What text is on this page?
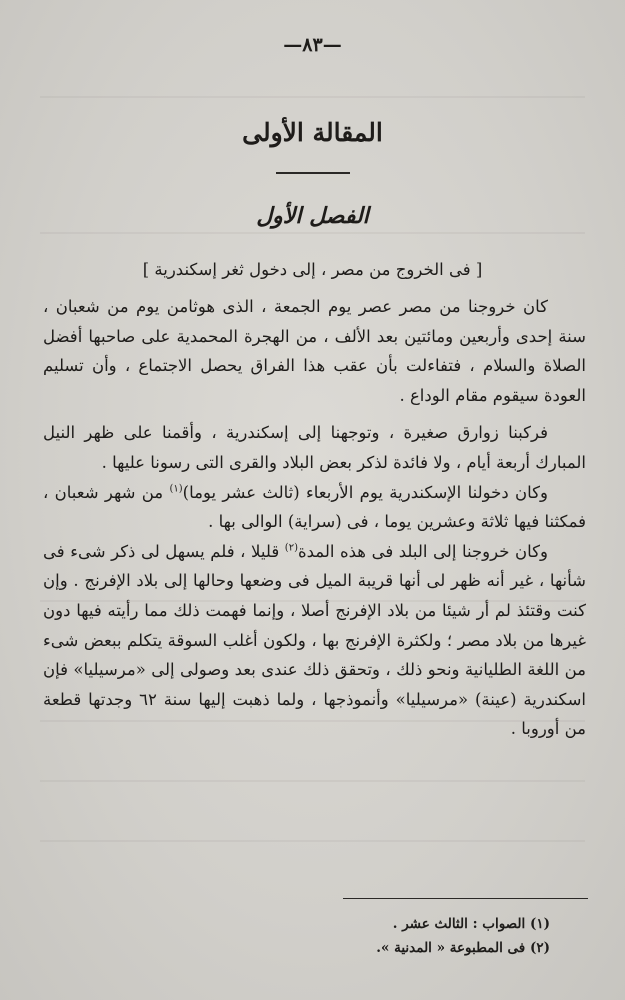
—٨٣—
المقالة الأولى
الفصل الأول
[ فى الخروج من مصر ، إلى دخول ثغر إسكندرية ]

كان خروجنا من مصر عصر يوم الجمعة ، الذى هوثامن يوم من شعبان ، سنة إحدى وأربعين ومائتين بعد الألف ، من الهجرة المحمدية على صاحبها أفضل الصلاة والسلام ، فتفاءلت بأن عقب هذا الفراق يحصل الاجتماع ، وأن تسليم العودة سيقوم مقام الوداع .

فركبنا زوارق صغيرة ، وتوجهنا إلى إسكندرية ، وأقمنا على ظهر النيل المبارك أربعة أيام ، ولا فائدة لذكر بعض البلاد والقرى التى رسونا عليها .

وكان دخولنا الإسكندرية يوم الأربعاء (ثالث عشر يوما)$^{(١)}$ من شهر شعبان ، فمكثنا فيها ثلاثة وعشرين يوما ، فى (سراية) الوالى بها .

وكان خروجنا إلى البلد فى هذه المدة$^{(٢)}$ قليلا ، فلم يسهل لى ذكر شىء فى شأنها ، غير أنه ظهر لى أنها قريبة الميل فى وضعها وحالها إلى بلاد الإفرنج . وإن كنت وقتئذ لم أر شيئا من بلاد الإفرنج أصلا ، وإنما فهمت ذلك مما رأيته فيها دون غيرها من بلاد مصر ؛ ولكثرة الإفرنج بها ، ولكون أغلب السوقة يتكلم ببعض شىء من اللغة الطليانية ونحو ذلك ، وتحقق ذلك عندى بعد وصولى إلى «مرسيليا» فإن اسكندرية (عينة) «مرسيليا» وأنموذجها ، ولما ذهبت إليها سنة ٦٢ وجدتها قطعة من أوروبا .

(١) الصواب : الثالث عشر .
(٢) فى المطبوعة « المدنية ».
